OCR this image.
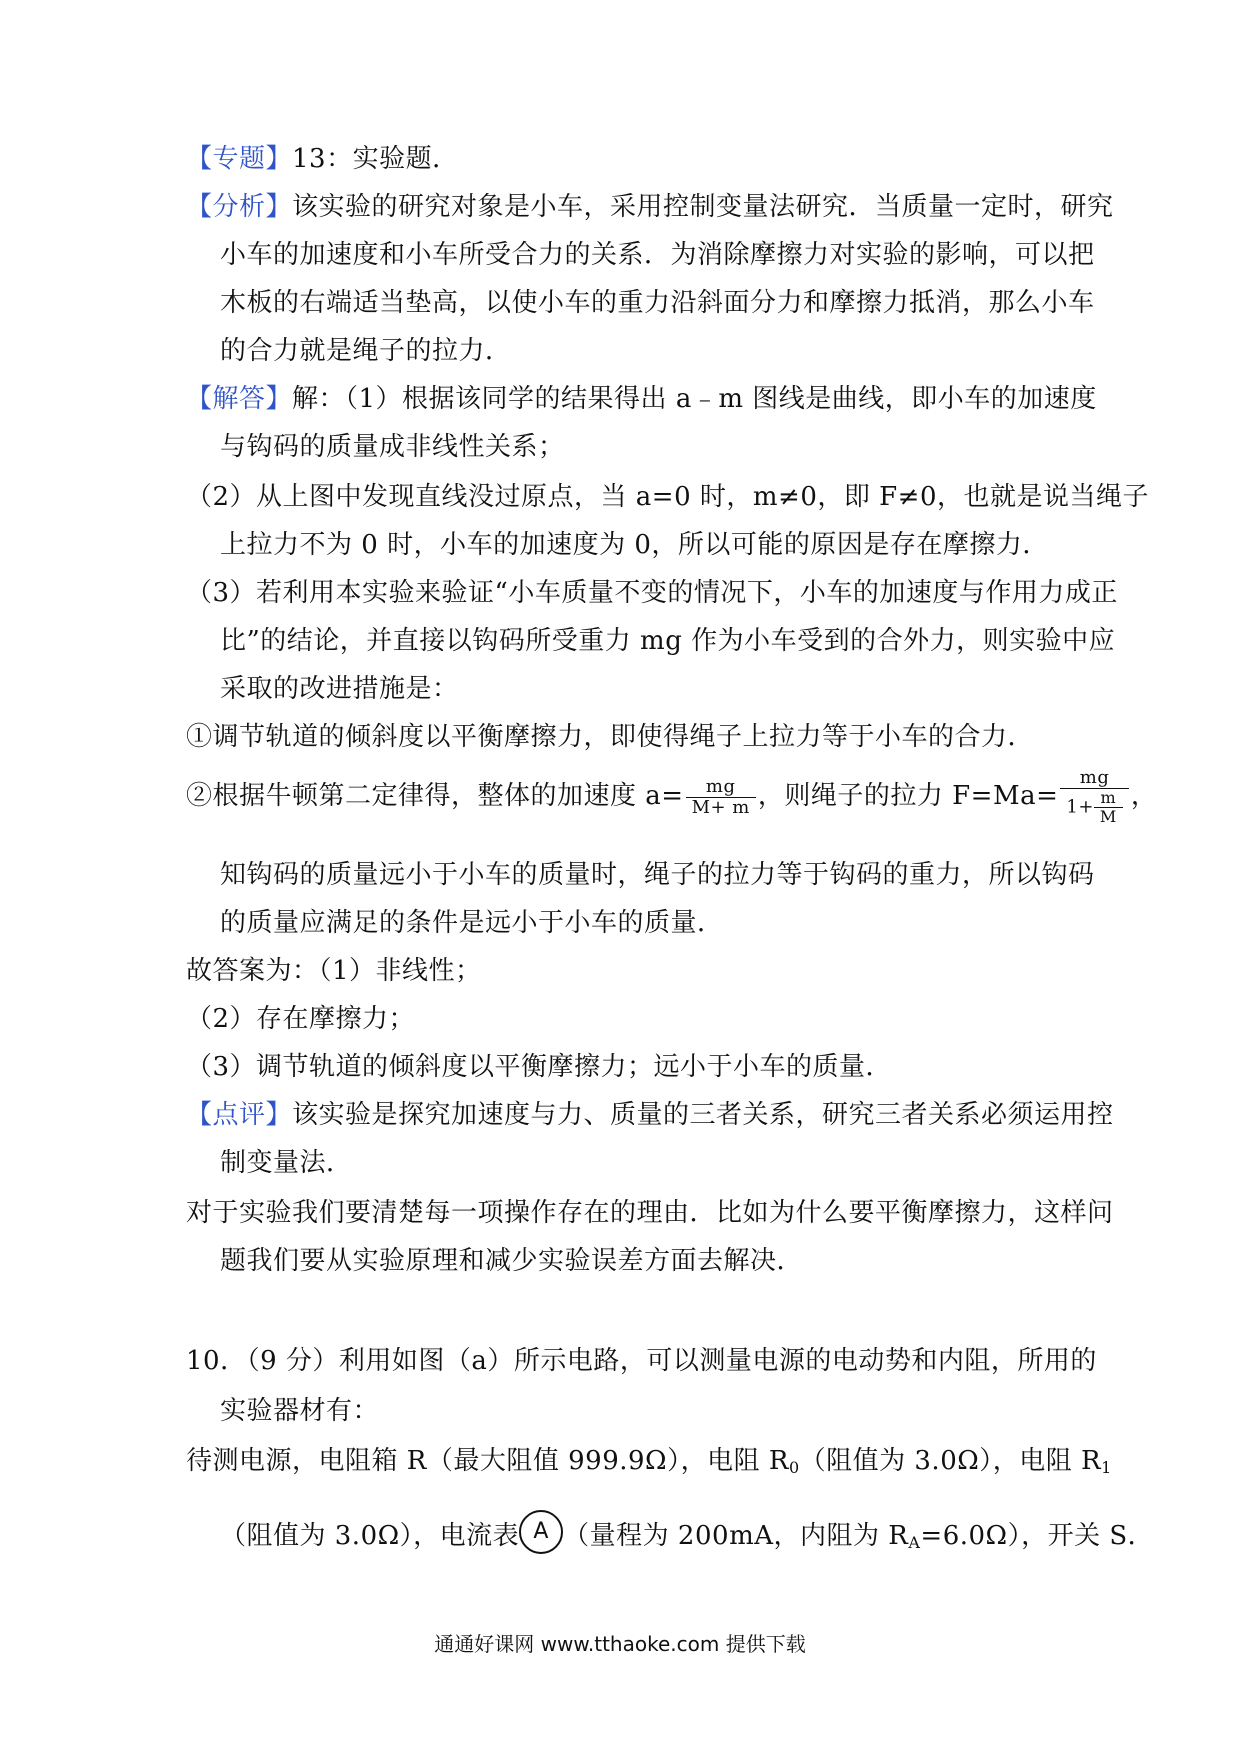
【专题】13：实验题．
【分析】该实验的研究对象是小车，采用控制变量法研究．当质量一定时，研究
小车的加速度和小车所受合力的关系．为消除摩擦力对实验的影响，可以把
木板的右端适当垫高，以使小车的重力沿斜面分力和摩擦力抵消，那么小车
的合力就是绳子的拉力．
【解答】解：（1）根据该同学的结果得出 a﹣m 图线是曲线，即小车的加速度
与钩码的质量成非线性关系；
（2）从上图中发现直线没过原点，当 a=0 时，m≠0，即 F≠0，也就是说当绳子
上拉力不为 0 时，小车的加速度为 0，所以可能的原因是存在摩擦力．
（3）若利用本实验来验证“小车质量不变的情况下，小车的加速度与作用力成正
比”的结论，并直接以钩码所受重力 mg 作为小车受到的合外力，则实验中应
采取的改进措施是：
①调节轨道的倾斜度以平衡摩擦力，即使得绳子上拉力等于小车的合力．
②根据牛顿第二定律得，整体的加速度 $a= \frac{mg}{M+ m}$ ，则绳子的拉力 $F=Ma= \frac{mg}{1+ \frac{m}{M}}$ ，
知钩码的质量远小于小车的质量时，绳子的拉力等于钩码的重力，所以钩码
的质量应满足的条件是远小于小车的质量．
故答案为：（1）非线性；
（2）存在摩擦力；
（3）调节轨道的倾斜度以平衡摩擦力；远小于小车的质量．
【点评】该实验是探究加速度与力、质量的三者关系，研究三者关系必须运用控
制变量法．
对于实验我们要清楚每一项操作存在的理由．比如为什么要平衡摩擦力，这样问
题我们要从实验原理和减少实验误差方面去解决．
10．（9 分）利用如图（a）所示电路，可以测量电源的电动势和内阻，所用的
实验器材有：
待测电源，电阻箱 R（最大阻值 999.9Ω），电阻 $R_0$（阻值为 3.0Ω），电阻 $R_1$
（阻值为 3.0Ω），电流表 A （量程为 200mA，内阻为 $R_A=6.0\Omega$），开关 S．
通通好课网 www.tthaoke.com 提供下载
